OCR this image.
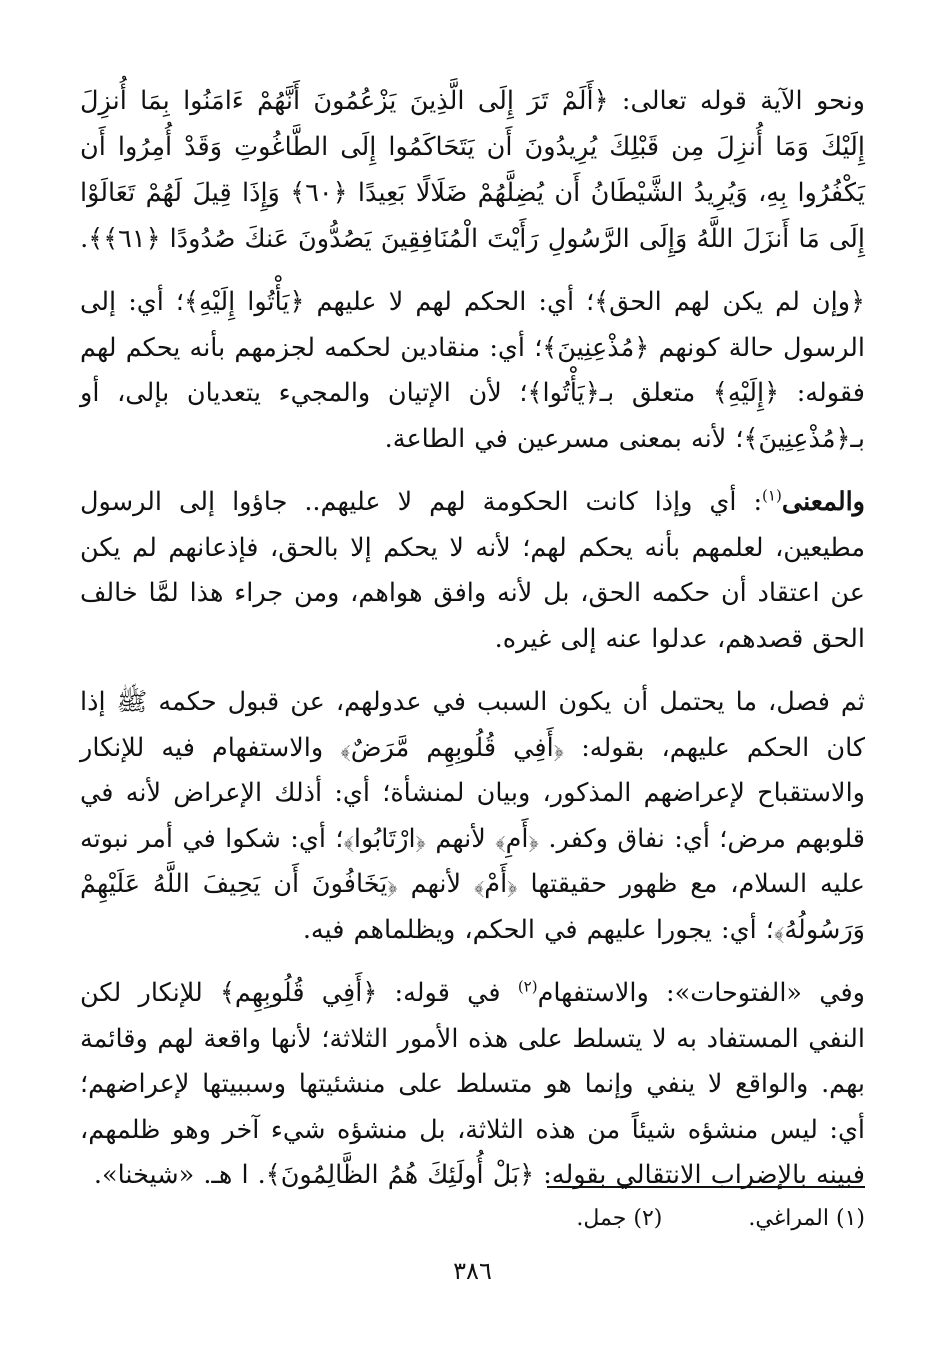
ونحو الآية قوله تعالى: ﴿أَلَمْ تَرَ إِلَى الَّذِينَ يَزْعُمُونَ أَنَّهُمْ ءَامَنُوا بِمَا أُنزِلَ إِلَيْكَ وَمَا أُنزِلَ مِن قَبْلِكَ يُرِيدُونَ أَن يَتَحَاكَمُوا إِلَى الطَّاغُوتِ وَقَدْ أُمِرُوا أَن يَكْفُرُوا بِهِ، وَيُرِيدُ الشَّيْطَانُ أَن يُضِلَّهُمْ ضَلَالًا بَعِيدًا ﴿٦٠﴾ وَإِذَا قِيلَ لَهُمْ تَعَالَوْا إِلَى مَا أَنزَلَ اللَّهُ وَإِلَى الرَّسُولِ رَأَيْتَ الْمُنَافِقِينَ يَصُدُّونَ عَنكَ صُدُودًا ﴿٦١﴾﴾.

﴿وإن لم يكن لهم الحق﴾؛ أي: الحكم لهم لا عليهم ﴿يَأْتُوا إِلَيْهِ﴾؛ أي: إلى الرسول حالة كونهم ﴿مُذْعِنِينَ﴾؛ أي: منقادين لحكمه لجزمهم بأنه يحكم لهم فقوله: ﴿إِلَيْهِ﴾ متعلق بـ﴿يَأْتُوا﴾؛ لأن الإتيان والمجيء يتعديان بإلى، أو بـ﴿مُذْعِنِينَ﴾؛ لأنه بمعنى مسرعين في الطاعة.

والمعنى$^{(١)}$: أي وإذا كانت الحكومة لهم لا عليهم.. جاؤوا إلى الرسول مطيعين، لعلمهم بأنه يحكم لهم؛ لأنه لا يحكم إلا بالحق، فإذعانهم لم يكن عن اعتقاد أن حكمه الحق، بل لأنه وافق هواهم، ومن جراء هذا لمَّا خالف الحق قصدهم، عدلوا عنه إلى غيره.

ثم فصل، ما يحتمل أن يكون السبب في عدولهم، عن قبول حكمه ﷺ إذا كان الحكم عليهم، بقوله: ﴿أَفِي قُلُوبِهِم مَّرَضٌ﴾ والاستفهام فيه للإنكار والاستقباح لإعراضهم المذكور، وبيان لمنشأة؛ أي: أذلك الإعراض لأنه في قلوبهم مرض؛ أي: نفاق وكفر. ﴿أَمِ﴾ لأنهم ﴿ارْتَابُوا﴾؛ أي: شكوا في أمر نبوته عليه السلام، مع ظهور حقيقتها ﴿أَمْ﴾ لأنهم ﴿يَخَافُونَ أَن يَحِيفَ اللَّهُ عَلَيْهِمْ وَرَسُولُهُ﴾؛ أي: يجورا عليهم في الحكم، ويظلماهم فيه.

وفي «الفتوحات»: والاستفهام$^{(٢)}$ في قوله: ﴿أَفِي قُلُوبِهِم﴾ للإنكار لكن النفي المستفاد به لا يتسلط على هذه الأمور الثلاثة؛ لأنها واقعة لهم وقائمة بهم. والواقع لا ينفي وإنما هو متسلط على منشئيتها وسببيتها لإعراضهم؛ أي: ليس منشؤه شيئاً من هذه الثلاثة، بل منشؤه شيء آخر وهو ظلمهم، فبينه بالإضراب الانتقالي بقوله: ﴿بَلْ أُولَئِكَ هُمُ الظَّالِمُونَ﴾. ا هـ. «شيخنا».

(١) المراغي.
(٢) جمل.
٣٨٦
